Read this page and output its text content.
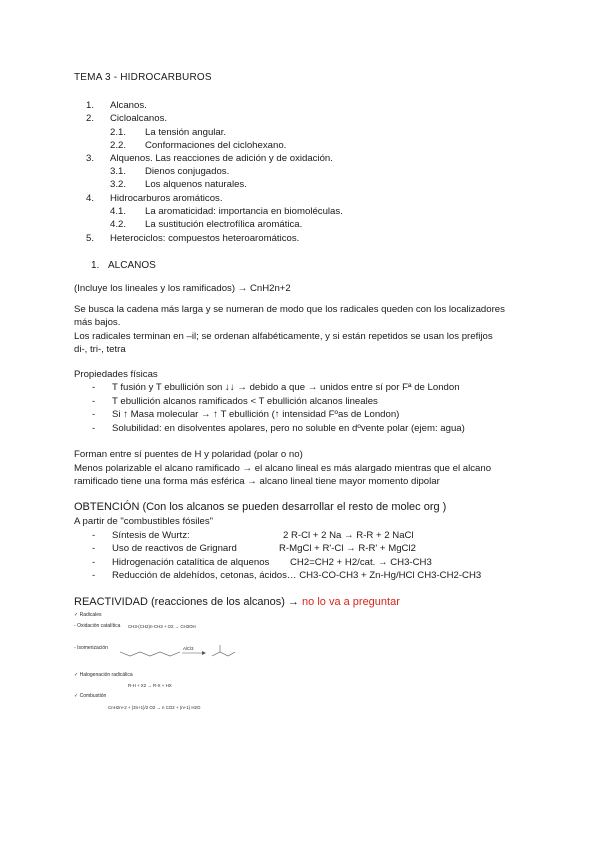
TEMA 3 - HIDROCARBUROS
1. Alcanos.
2. Cicloalcanos.
2.1. La tensión angular.
2.2. Conformaciones del ciclohexano.
3. Alquenos. Las reacciones de adición y de oxidación.
3.1. Dienos conjugados.
3.2. Los alquenos naturales.
4. Hidrocarburos aromáticos.
4.1. La aromaticidad: importancia en biomoléculas.
4.2. La sustitución electrofílica aromática.
5. Heterociclos: compuestos heteroaromáticos.
1. ALCANOS
(Incluye los lineales y los ramificados) → CnH2n+2
Se busca la cadena más larga y se numeran de modo que los radicales queden con los localizadores
más bajos.
Los radicales terminan en –il; se ordenan alfabéticamente, y si están repetidos se usan los prefijos
di-, tri-, tetra
Propiedades físicas
- T fusión y T ebullición son ↓↓ → debido a que → unidos entre sí por Fª de London
- T ebullición alcanos ramificados < T ebullición alcanos lineales
- Si ↑ Masa molecular → ↑ T ebullición (↑ intensidad Fºas de London)
- Solubilidad: en disolventes apolares, pero no soluble en dºvente polar (ejem: agua)
Forman entre sí puentes de H y polaridad (polar o no)
Menos polarizable el alcano ramificado → el alcano lineal es más alargado mientras que el alcano
ramificado tiene una forma más esférica → alcano lineal tiene mayor momento dipolar
OBTENCIÓN (Con los alcanos se pueden desarrollar el resto de molec org )
A partir de "combustibles fósiles"
- Síntesis de Wurtz:	2 R-Cl + 2 Na → R-R + 2 NaCl
- Uso de reactivos de Grignard	R-MgCl + R'-Cl → R-R' + MgCl2
- Hidrogenación catalítica de alquenos CH2=CH2 + H2/cat. → CH3-CH3
- Reducción de aldehídos, cetonas, ácidos… CH3-CO-CH3 + Zn-Hg/HCl CH3-CH2-CH3
REACTIVIDAD (reacciones de los alcanos) → no lo va a preguntar
✓ Radicales
- Oxidación catalítica CH3-(CH2)n-CH3 + O2 → CH3OH
- Isomerización	AlCl3
✓ Halogenación radicálica
R-H + X2 → R-X + HX
✓ Combustión
CnH2n+2 + (3n+1)/2 O2 → n CO2 + (n+1) H2O
